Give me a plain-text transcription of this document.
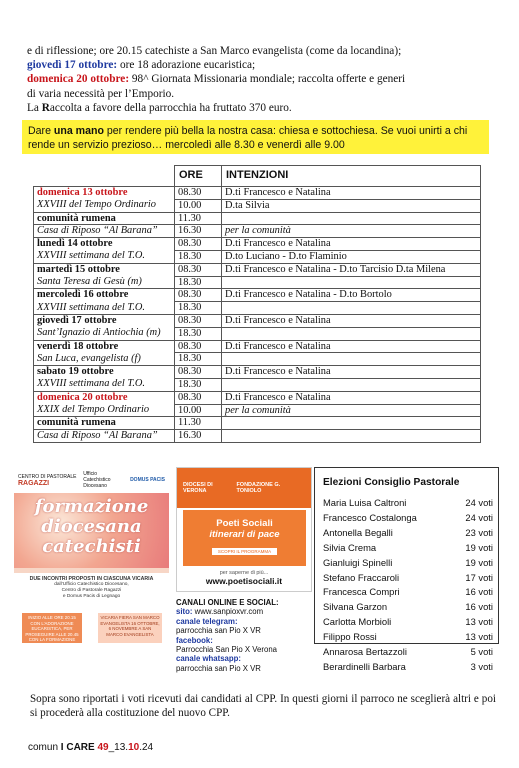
e di riflessione; ore 20.15 catechiste a San Marco evangelista (come da locandina);
giovedì 17 ottobre: ore 18 adorazione eucaristica;
domenica 20 ottobre: 98^ Giornata Missionaria mondiale; raccolta offerte e generi
di varia necessità per l’Emporio.
La Raccolta a favore della parrocchia ha fruttato 370 euro.
Dare una mano per rendere più bella la nostra casa: chiesa e sottochiesa. Se vuoi unirti a chi rende un servizio prezioso… mercoledì alle 8.30 e venerdì alle 9.00
	ORE	INTENZIONI

domenica 13 ottobre	08.30	D.ti Francesco e Natalina

XXVIII del Tempo Ordinario	10.00	D.ta Silvia

comunità rumena	11.30	

Casa di Riposo “Al Barana”	16.30	per la comunità

lunedì 14 ottobre	08.30	D.ti Francesco e Natalina

XXVIII settimana del T.O.	18.30	D.to Luciano - D.to Flaminio

martedì 15 ottobre	08.30	D.ti Francesco e Natalina - D.to Tarcisio D.ta Milena

Santa Teresa di Gesù (m)	18.30	

mercoledì 16 ottobre	08.30	D.ti Francesco e Natalina - D.to Bortolo

XXVIII settimana del T.O.	18.30	

giovedì 17 ottobre	08.30	D.ti Francesco e Natalina

Sant’Ignazio di Antiochia (m)	18.30	

venerdì 18 ottobre	08.30	D.ti Francesco e Natalina

San Luca, evangelista (f)	18.30	

sabato 19 ottobre	08.30	D.ti Francesco e Natalina

XXVIII settimana del T.O.	18.30	

domenica 20 ottobre	08.30	D.ti Francesco e Natalina

XXIX del Tempo Ordinario	10.00	per la comunità

comunità rumena	11.30	

Casa di Riposo “Al Barana”	16.30	
CENTRO DI PASTORALE
RAGAZZI
Ufficio Catechistico Diocesano
DOMUS PACIS
formazione
diocesana
catechisti
DUE INCONTRI PROPOSTI IN CIASCUNA VICARIA
dall’Ufficio Catechistico Diocesano,
Centro di Pastorale Ragazzi
e Domus Pacis di Legnago
INIZIO ALLE ORE 20.15 CON L’ADORAZIONE EUCARISTICA, PER PROSEGUIRE ALLE 20.45 CON LA FORMAZIONE
VICARIA FIERA SAN MARCO EVANGELISTA 16 OTTOBRE, 6 NOVEMBRE A SAN MARCO EVANGELISTA
DIOCESI DI VERONA
FONDAZIONE G. TONIOLO
Poeti Sociali
itinerari di pace
SCOPRI IL PROGRAMMA
per saperne di più...
www.poetisociali.it
CANALI ONLINE E SOCIAL:
sito: www.sanpioxvr.com
canale telegram:
parrocchia san Pio X VR
facebook:
Parrocchia San Pio X Verona
canale whatsapp:
parrocchia san Pio X VR
Elezioni Consiglio Pastorale
Maria Luisa Caltroni	24 voti
Francesco Costalonga	24 voti
Antonella Begalli	23 voti
Silvia Crema	19 voti
Gianluigi Spinelli	19 voti
Stefano Fraccaroli	17 voti
Francesca Compri	16 voti
Silvana Garzon	16 voti
Carlotta Morbioli	13 voti
Filippo Rossi	13 voti
Annarosa Bertazzoli	5 voti
Berardinelli Barbara	3 voti
Sopra sono riportati i voti ricevuti dai candidati al CPP. In questi giorni il parroco ne sceglierà altri e poi si procederà alla costituzione del nuovo CPP.
comun I CARE 49_13.10.24
